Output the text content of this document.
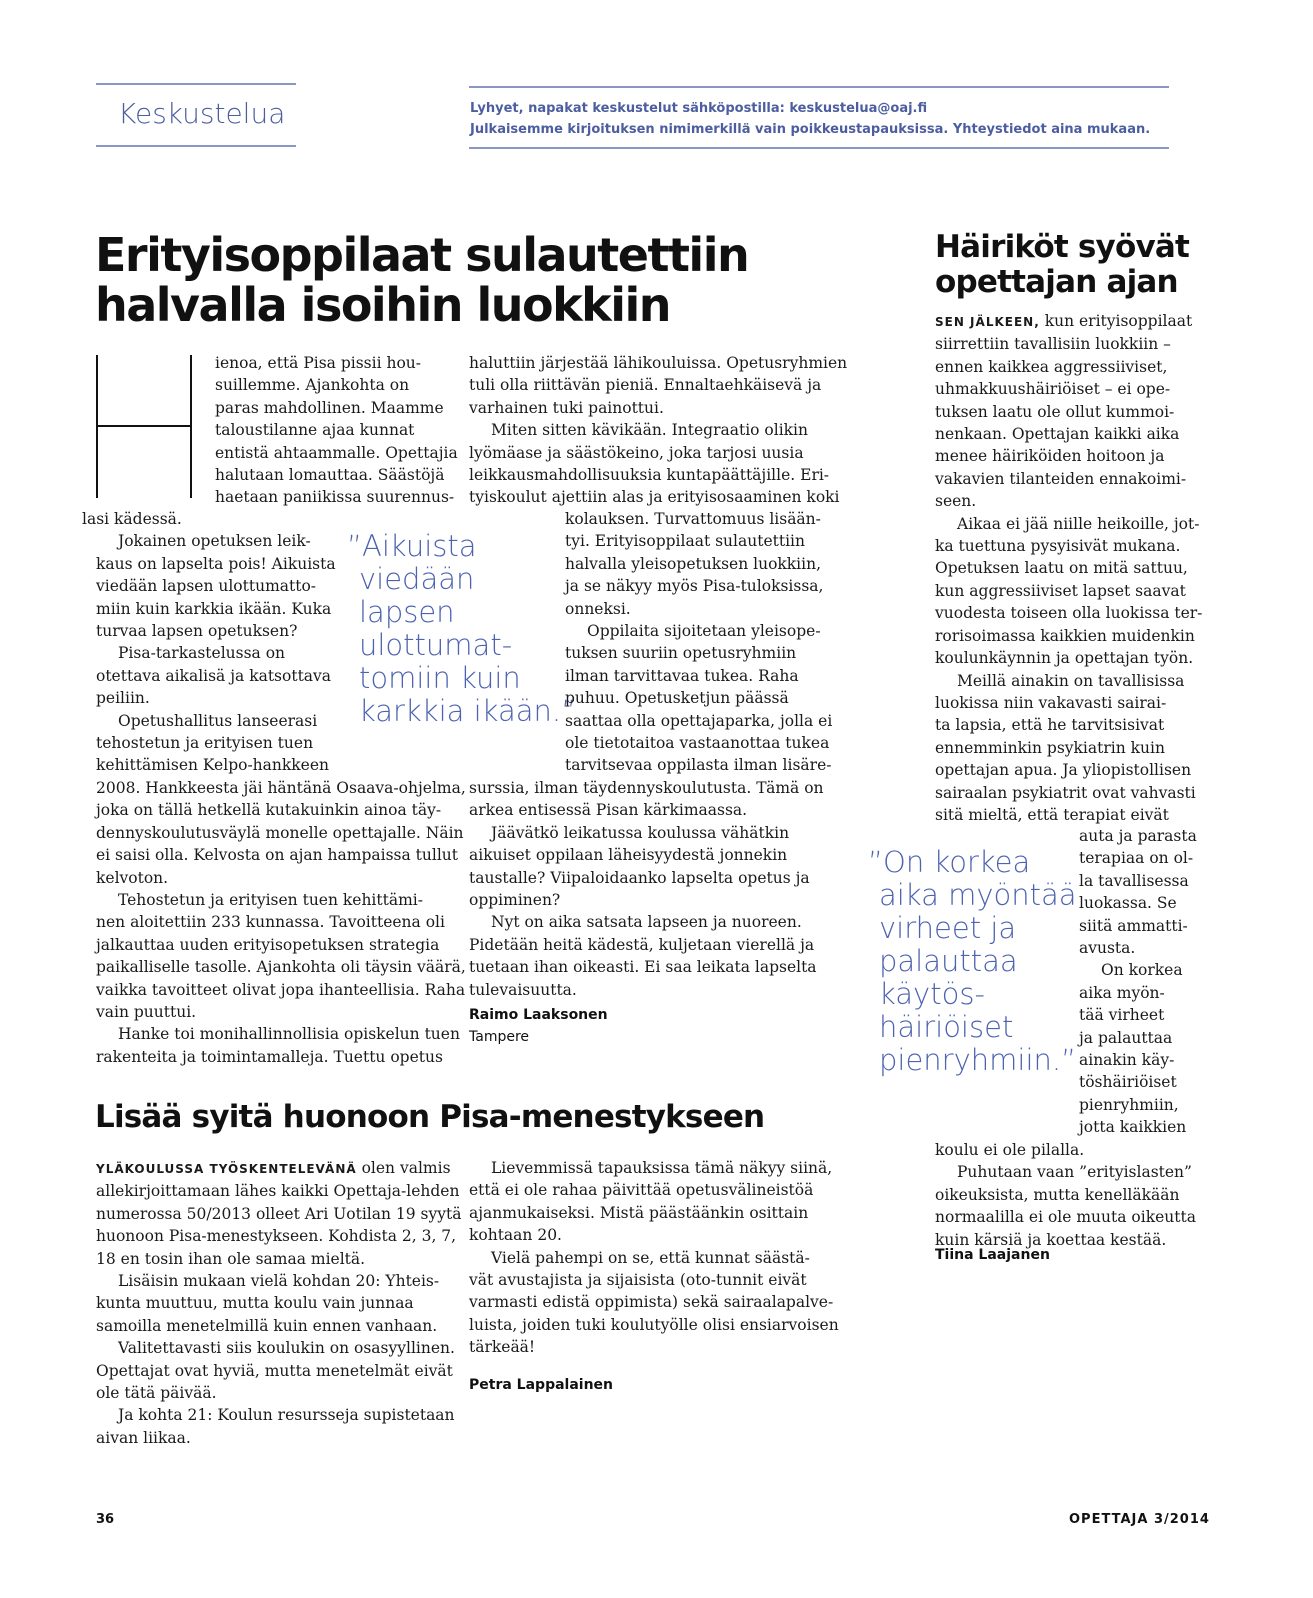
Keskustelua	Lyhyet, napakat keskustelut sähköpostilla: keskustelua@oaj.fi
Julkaisemme kirjoituksen nimimerkillä vain poikkeustapauksissa. Yhteystiedot aina mukaan.
Erityisoppilaat sulautettiin
halvalla isoihin luokkiin
ienoa, että Pisa pissii hou-
suillemme. Ajankohta on
paras mahdollinen. Maamme
taloustilanne ajaa kunnat
entistä ahtaammalle. Opettajia
halutaan lomauttaa. Säästöjä
haetaan paniikissa suurennus-
lasi kädessä.
Jokainen opetuksen leik-
kaus on lapselta pois! Aikuista
viedään lapsen ulottumatto-
miin kuin karkkia ikään. Kuka
turvaa lapsen opetuksen?
Pisa-tarkastelussa on
otettava aikalisä ja katsottava
peiliin.
Opetushallitus lanseerasi
tehostetun ja erityisen tuen
kehittämisen Kelpo-hankkeen
2008. Hankkeesta jäi häntänä Osaava-ohjelma,
joka on tällä hetkellä kutakuinkin ainoa täy-
dennyskoulutusväylä monelle opettajalle. Näin
ei saisi olla. Kelvosta on ajan hampaissa tullut
kelvoton.
Tehostetun ja erityisen tuen kehittämi-
nen aloitettiin 233 kunnassa. Tavoitteena oli
jalkauttaa uuden erityisopetuksen strategia
paikalliselle tasolle. Ajankohta oli täysin väärä,
vaikka tavoitteet olivat jopa ihanteellisia. Raha
vain puuttui.
Hanke toi monihallinnollisia opiskelun tuen
rakenteita ja toimintamalleja. Tuettu opetus
”Aikuista
viedään
lapsen
ulottumat-
tomiin kuin
karkkia ikään.”
haluttiin järjestää lähikouluissa. Opetusryhmien
tuli olla riittävän pieniä. Ennaltaehkäisevä ja
varhainen tuki painottui.
Miten sitten kävikään. Integraatio olikin
lyömäase ja säästökeino, joka tarjosi uusia
leikkausmahdollisuuksia kuntapäättäjille. Eri-
tyiskoulut ajettiin alas ja erityisosaaminen koki
kolauksen. Turvattomuus lisään-
tyi. Erityisoppilaat sulautettiin
halvalla yleisopetuksen luokkiin,
ja se näkyy myös Pisa-tuloksissa,
onneksi.
Oppilaita sijoitetaan yleisope-
tuksen suuriin opetusryhmiin
ilman tarvittavaa tukea. Raha
puhuu. Opetusketjun päässä
saattaa olla opettajaparka, jolla ei
ole tietotaitoa vastaanottaa tukea
tarvitsevaa oppilasta ilman lisäre-
surssia, ilman täydennyskoulutusta. Tämä on
arkea entisessä Pisan kärkimaassa.
Jäävätkö leikatussa koulussa vähätkin
aikuiset oppilaan läheisyydestä jonnekin
taustalle? Viipaloidaanko lapselta opetus ja
oppiminen?
Nyt on aika satsata lapseen ja nuoreen.
Pidetään heitä kädestä, kuljetaan vierellä ja
tuetaan ihan oikeasti. Ei saa leikata lapselta
tulevaisuutta.
Raimo Laaksonen
Tampere
Lisää syitä huonoon Pisa-menestykseen
YLÄKOULUSSA TYÖSKENTELEVÄNÄ olen valmis
allekirjoittamaan lähes kaikki Opettaja-lehden
numerossa 50/2013 olleet Ari Uotilan 19 syytä
huonoon Pisa-menestykseen. Kohdista 2, 3, 7,
18 en tosin ihan ole samaa mieltä.
Lisäisin mukaan vielä kohdan 20: Yhteis-
kunta muuttuu, mutta koulu vain junnaa
samoilla menetelmillä kuin ennen vanhaan.
Valitettavasti siis koulukin on osasyyllinen.
Opettajat ovat hyviä, mutta menetelmät eivät
ole tätä päivää.
Ja kohta 21: Koulun resursseja supistetaan
aivan liikaa.
Lievemmissä tapauksissa tämä näkyy siinä,
että ei ole rahaa päivittää opetusvälineistöä
ajanmukaiseksi. Mistä päästäänkin osittain
kohtaan 20.
Vielä pahempi on se, että kunnat säästä-
vät avustajista ja sijaisista (oto-tunnit eivät
varmasti edistä oppimista) sekä sairaalapalve-
luista, joiden tuki koulutyölle olisi ensiarvoisen
tärkeää!
Petra Lappalainen
Häiriköt syövät
opettajan ajan
SEN JÄLKEEN, kun erityisoppilaat
siirrettiin tavallisiin luokkiin –
ennen kaikkea aggressiiviset,
uhmakkuushäiriöiset – ei ope-
tuksen laatu ole ollut kummoi-
nenkaan. Opettajan kaikki aika
menee häiriköiden hoitoon ja
vakavien tilanteiden ennakoimi-
seen.
Aikaa ei jää niille heikoille, jot-
ka tuettuna pysyisivät mukana.
Opetuksen laatu on mitä sattuu,
kun aggressiiviset lapset saavat
vuodesta toiseen olla luokissa ter-
rorisoimassa kaikkien muidenkin
koulunkäynnin ja opettajan työn.
Meillä ainakin on tavallisissa
luokissa niin vakavasti sairai-
ta lapsia, että he tarvitsisivat
ennemminkin psykiatrin kuin
opettajan apua. Ja yliopistollisen
sairaalan psykiatrit ovat vahvasti
sitä mieltä, että terapiat eivät
auta ja parasta
terapiaa on ol-
la tavallisessa
luokassa. Se
siitä ammatti-
avusta.
On korkea
aika myön-
tää virheet
ja palauttaa
ainakin käy-
töshäiriöiset
pienryhmiin,
jotta kaikkien
koulu ei ole pilalla.
Puhutaan vaan ”erityislasten”
oikeuksista, mutta kenelläkään
normaalilla ei ole muuta oikeutta
kuin kärsiä ja koettaa kestää.
”On korkea
aika myöntää
virheet ja
palauttaa
käytös-
häiriöiset
pienryhmiin.”
Tiina Laajanen
36	OPETTAJA 3/2014
